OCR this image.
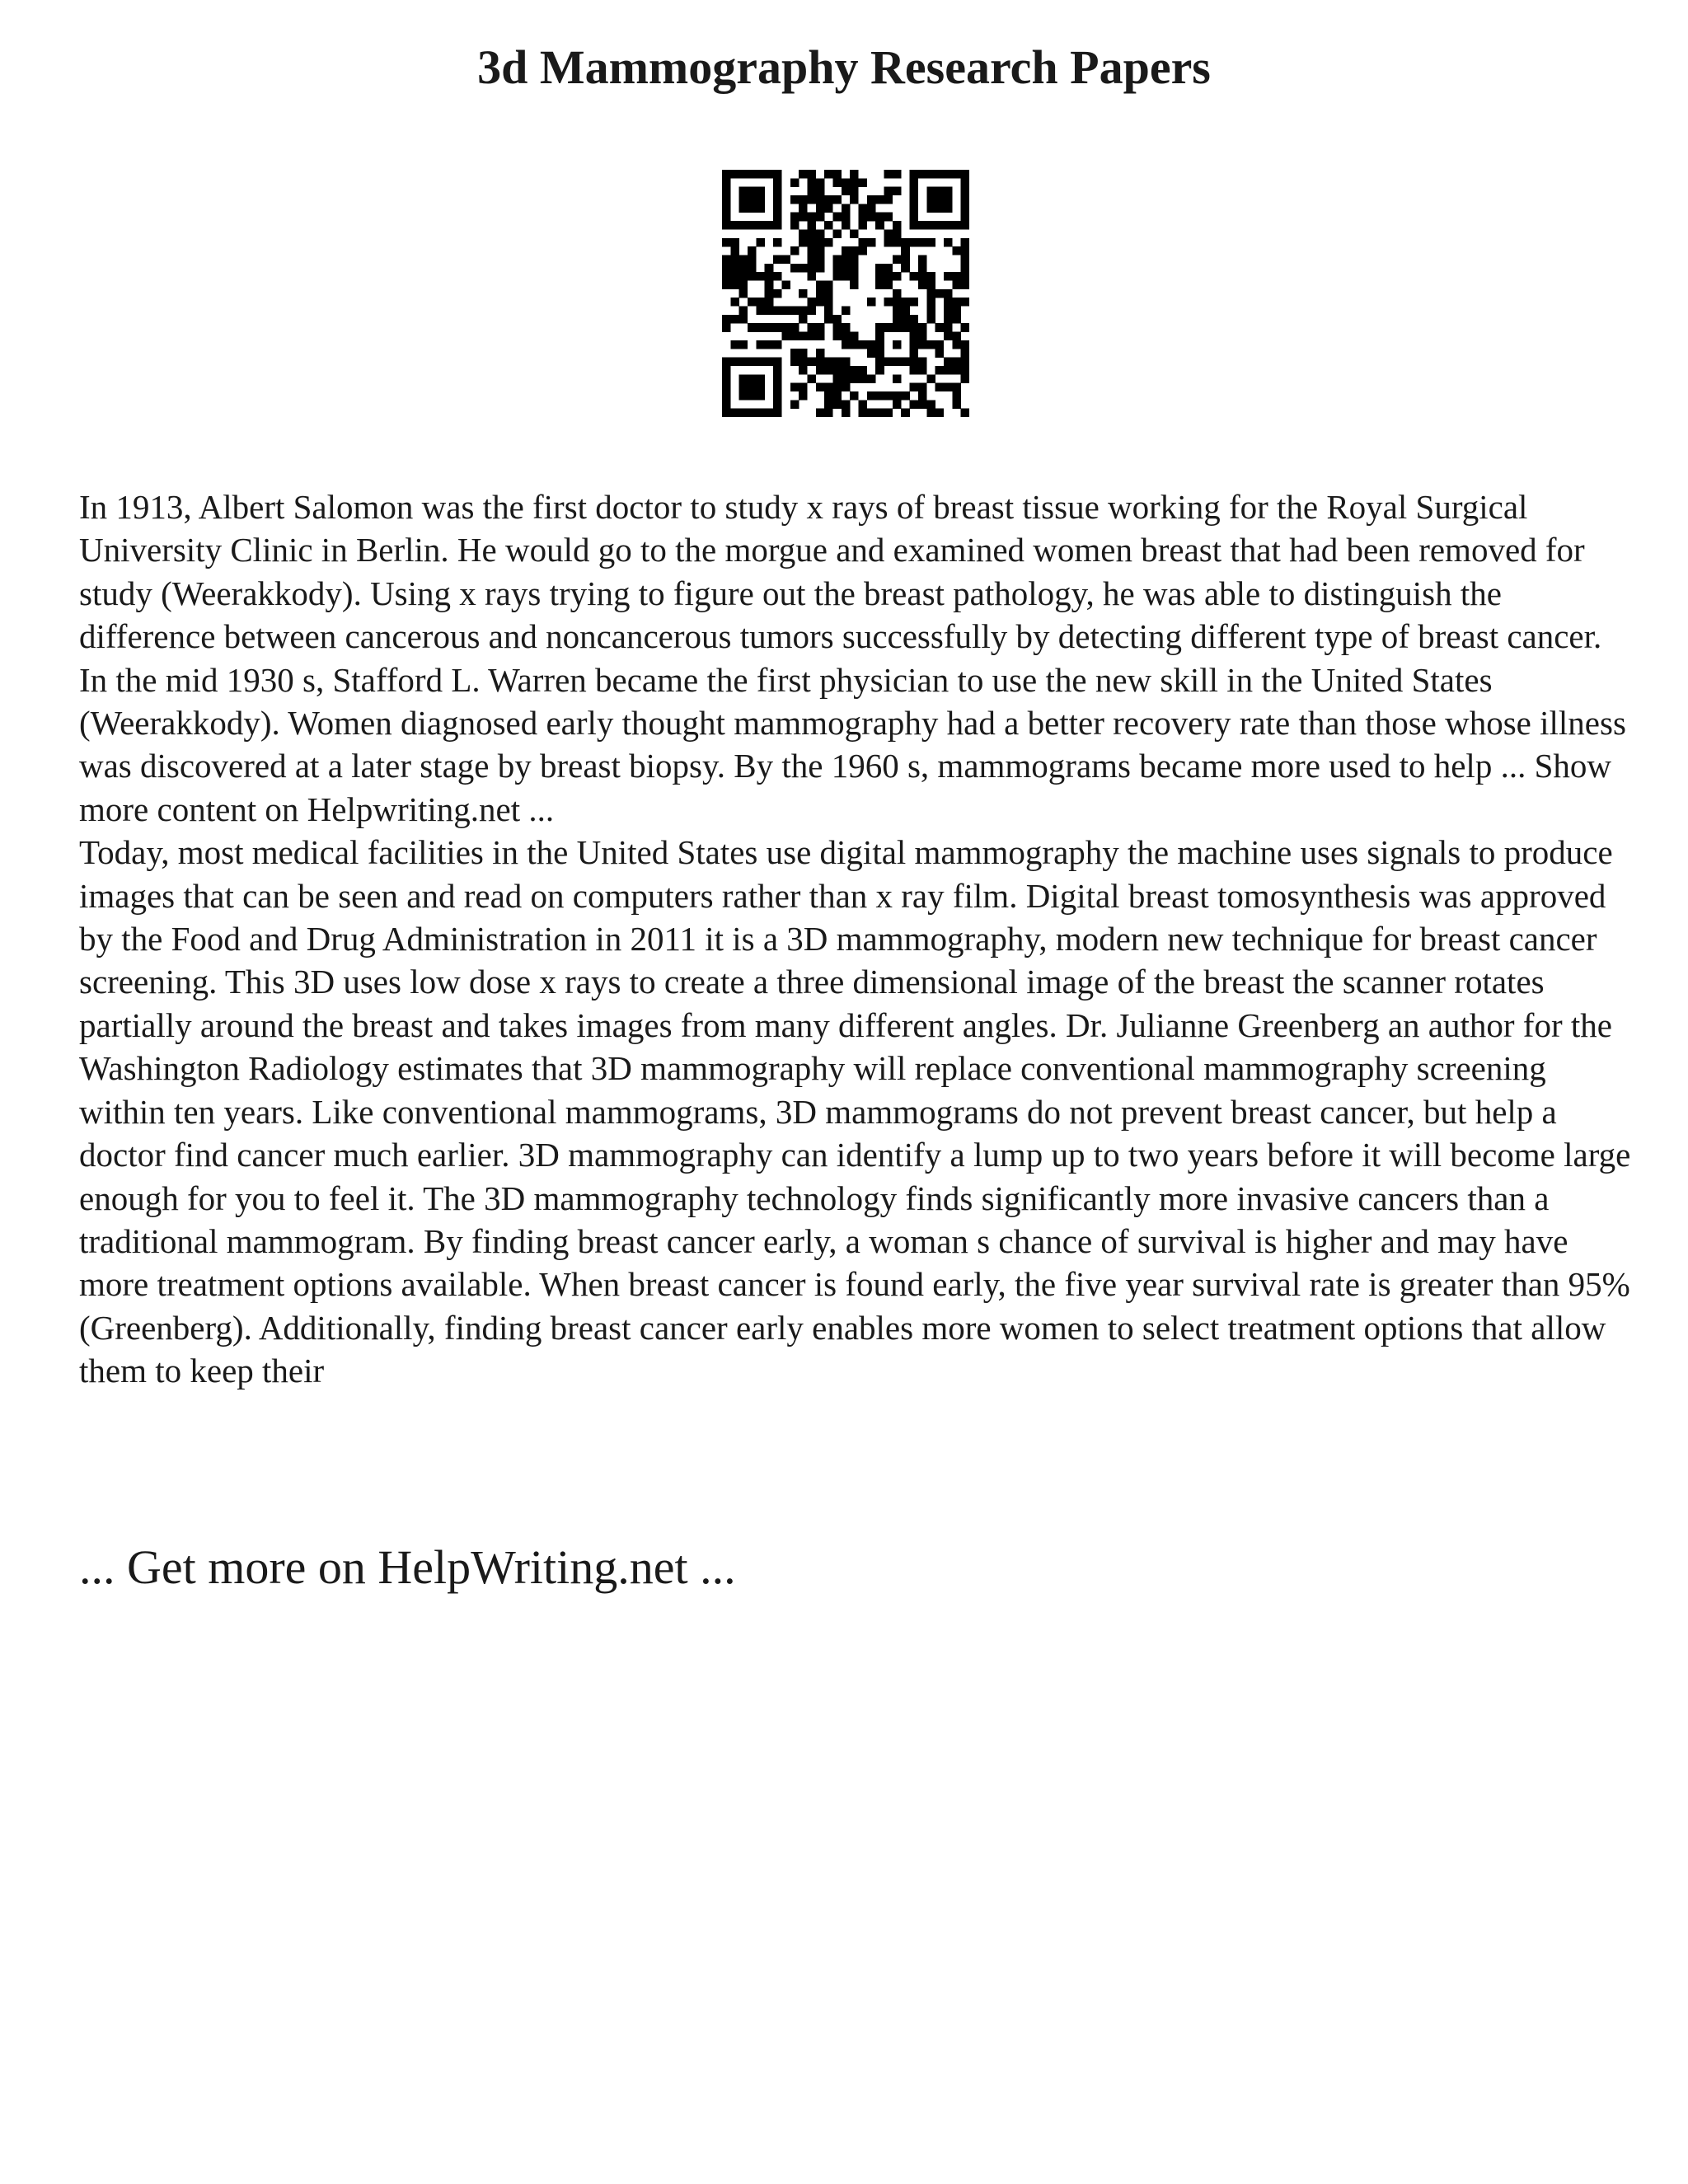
3d Mammography Research Papers

In 1913, Albert Salomon was the first doctor to study x rays of breast tissue working for the Royal Surgical University Clinic in Berlin. He would go to the morgue and examined women breast that had been removed for study (Weerakkody). Using x rays trying to figure out the breast pathology, he was able to distinguish the difference between cancerous and noncancerous tumors successfully by detecting different type of breast cancer. In the mid 1930 s, Stafford L. Warren became the first physician to use the new skill in the United States (Weerakkody). Women diagnosed early thought mammography had a better recovery rate than those whose illness was discovered at a later stage by breast biopsy. By the 1960 s, mammograms became more used to help ... Show more content on Helpwriting.net ...

Today, most medical facilities in the United States use digital mammography the machine uses signals to produce images that can be seen and read on computers rather than x ray film. Digital breast tomosynthesis was approved by the Food and Drug Administration in 2011 it is a 3D mammography, modern new technique for breast cancer screening. This 3D uses low dose x rays to create a three dimensional image of the breast the scanner rotates partially around the breast and takes images from many different angles. Dr. Julianne Greenberg an author for the Washington Radiology estimates that 3D mammography will replace conventional mammography screening within ten years. Like conventional mammograms, 3D mammograms do not prevent breast cancer, but help a doctor find cancer much earlier. 3D mammography can identify a lump up to two years before it will become large enough for you to feel it. The 3D mammography technology finds significantly more invasive cancers than a traditional mammogram. By finding breast cancer early, a woman s chance of survival is higher and may have more treatment options available. When breast cancer is found early, the five year survival rate is greater than 95% (Greenberg). Additionally, finding breast cancer early enables more women to select treatment options that allow them to keep their

... Get more on HelpWriting.net ...
